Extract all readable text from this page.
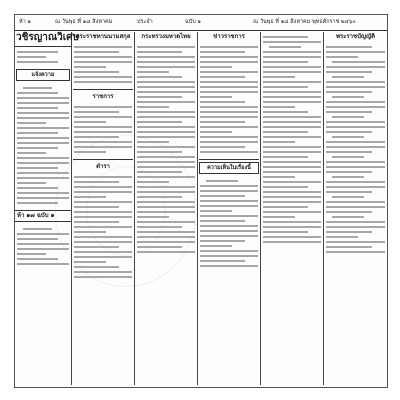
ห้า ๑	ณ วันพุธ ที่ ๑๘ สิงหาคม	ประจำ	ฉบับ ๑	ณ วันพุธ ที่ ๑๘ สิงหาคม พุทธศักราช ๒๔๖๐
วชิรญาณวิเศษ
แจ้งความ
ห้า ๑๗ ฉบับ ๑
พระราชทานนามสกุล
ราชการ
ตำรา
กระทรวงมหาดไทย	ข่าวราชการ
ความเห็นในเรื่องนี้
พระราชบัญญัติ
